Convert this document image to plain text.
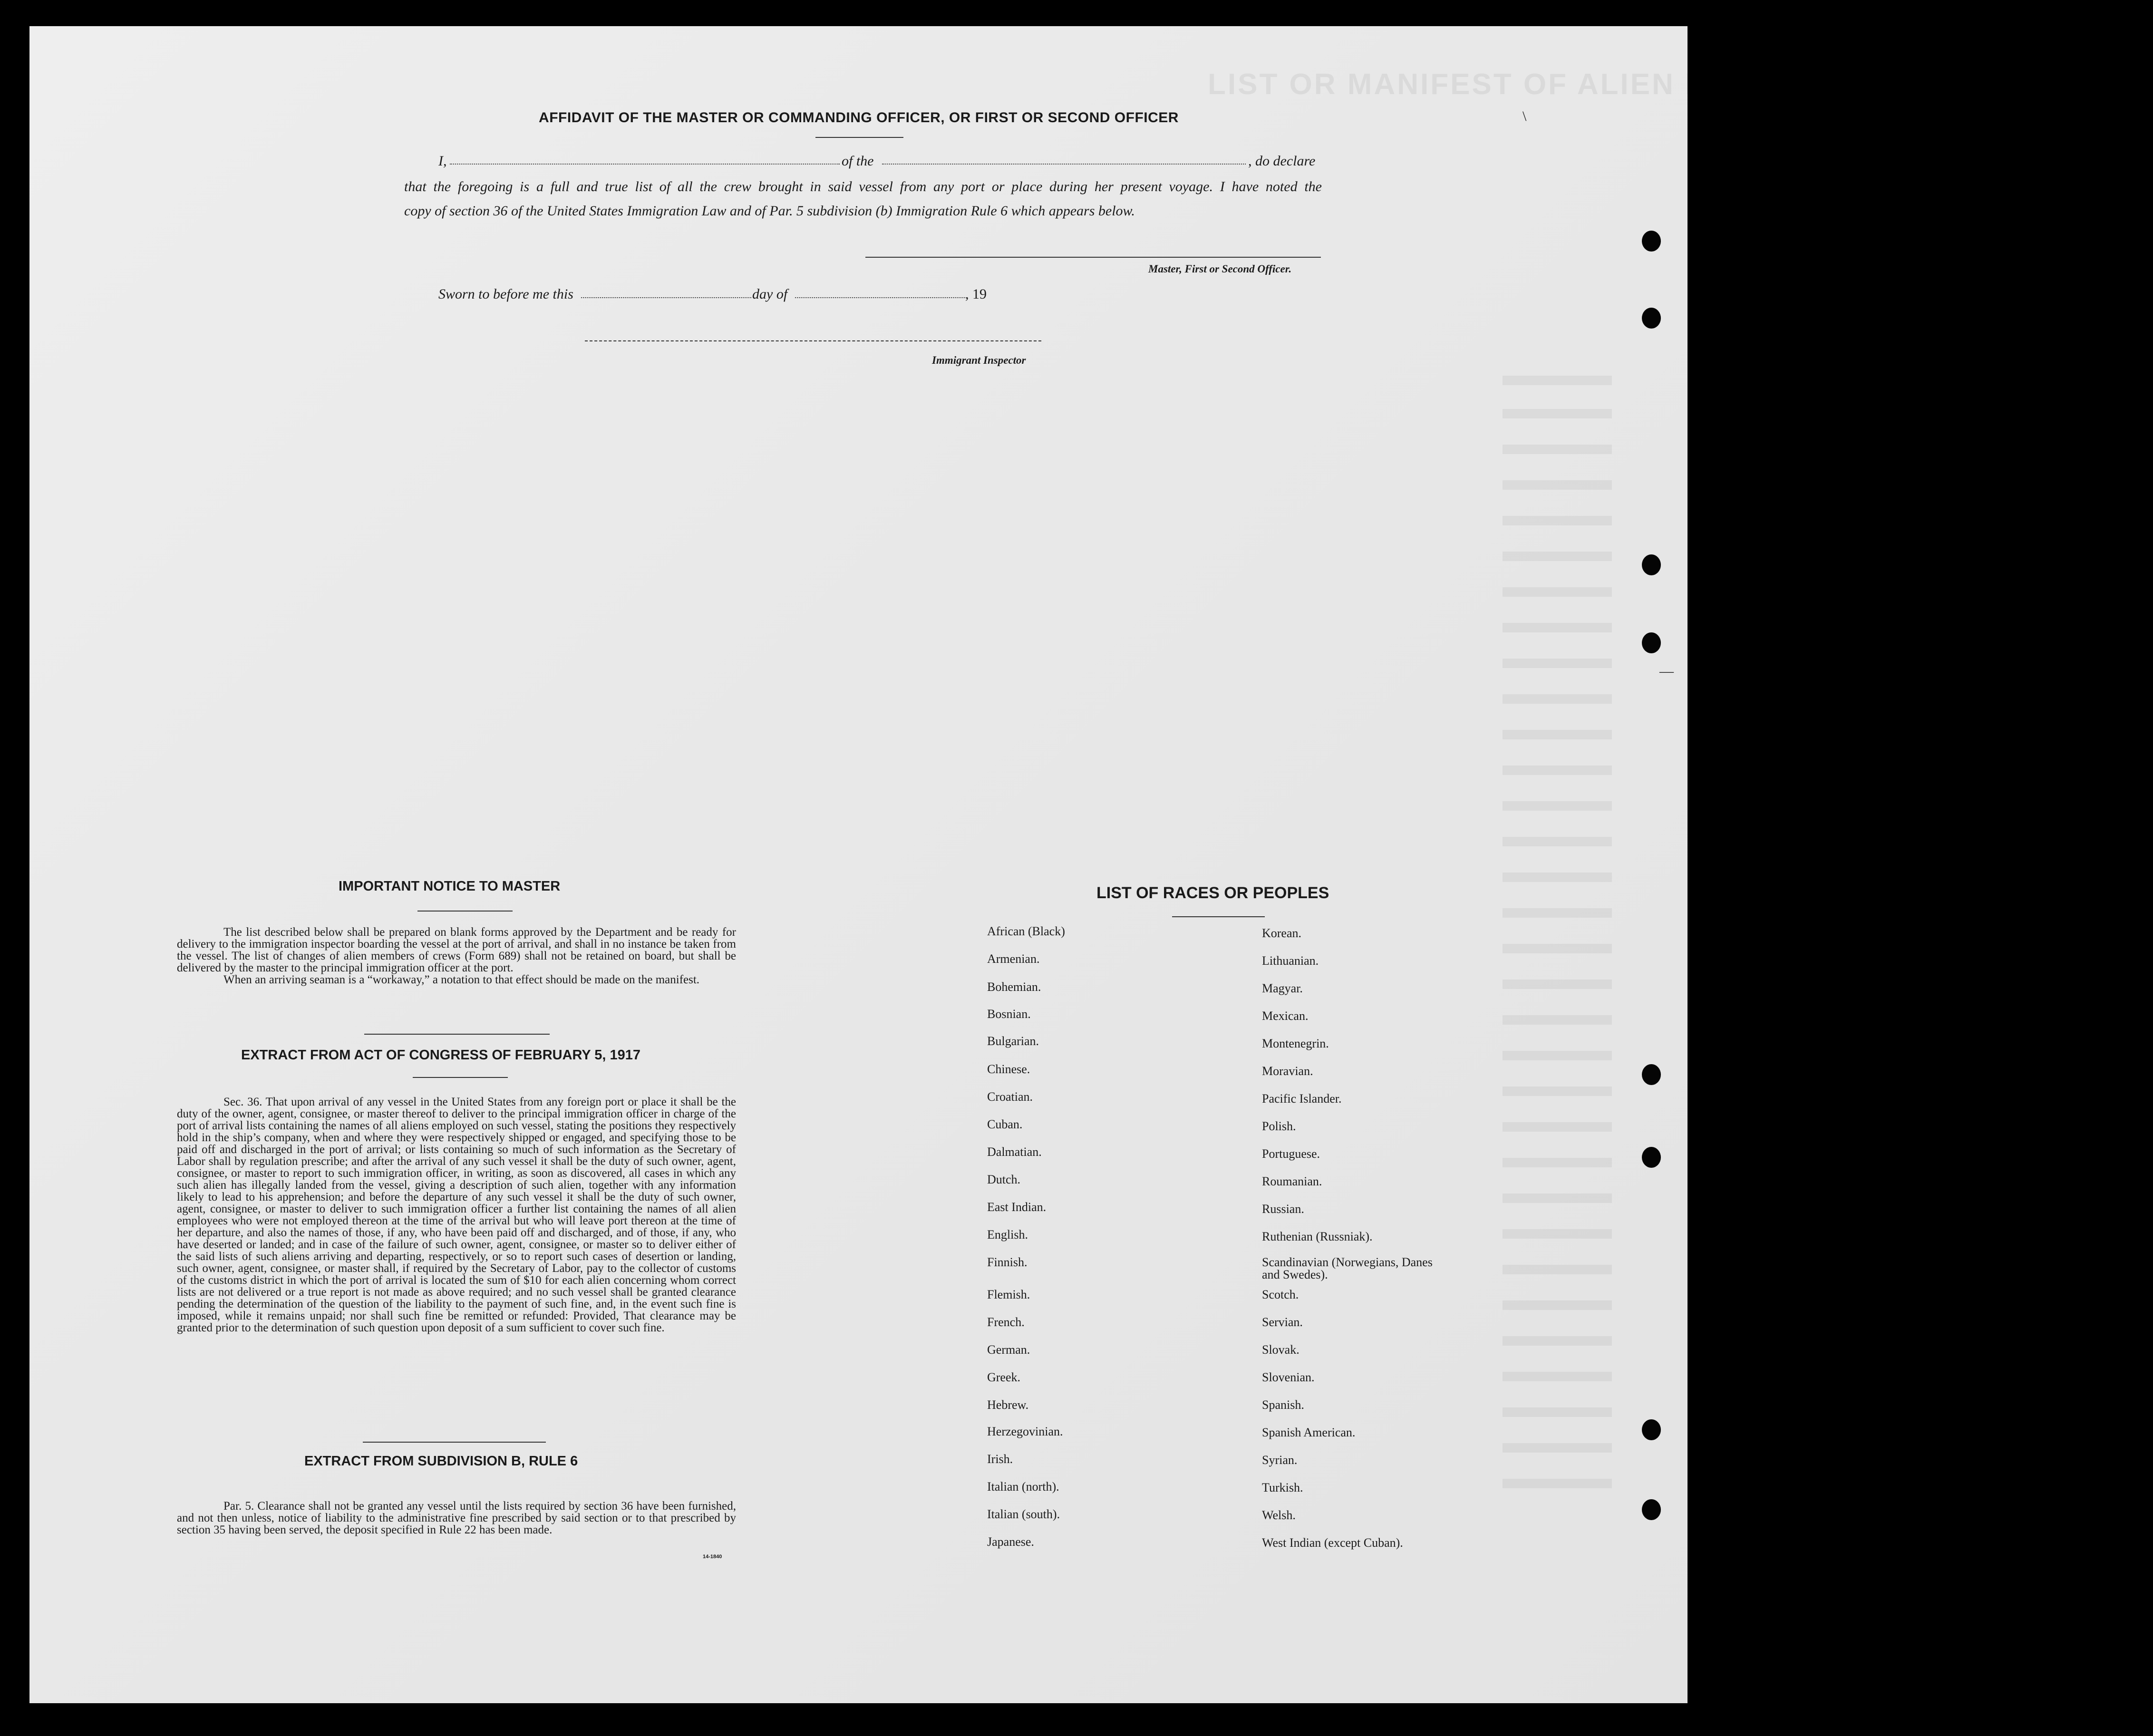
LIST OR MANIFEST OF ALIEN EMPLOYEES OF THE VESSEL
AFFIDAVIT OF THE MASTER OR COMMANDING OFFICER, OR FIRST OR SECOND OFFICER
I,	of the	, do declare
that the foregoing is a full and true list of all the crew brought in said vessel from any port or place during her present voyage. I have noted the
copy of section 36 of the United States Immigration Law and of Par. 5 subdivision (b) Immigration Rule 6 which appears below.
Master, First or Second Officer.
Sworn to before me this	day of	, 19
Immigrant Inspector
IMPORTANT NOTICE TO MASTER

The list described below shall be prepared on blank forms approved by the Department and be ready for delivery to the immigration inspector boarding the vessel at the port of arrival, and shall in no instance be taken from the vessel. The list of changes of alien members of crews (Form 689) shall not be retained on board, but shall be delivered by the master to the principal immigration officer at the port.

When an arriving seaman is a “workaway,” a notation to that effect should be made on the manifest.

EXTRACT FROM ACT OF CONGRESS OF FEBRUARY 5, 1917

Sec. 36. That upon arrival of any vessel in the United States from any foreign port or place it shall be the duty of the owner, agent, consignee, or master thereof to deliver to the principal immigration officer in charge of the port of arrival lists containing the names of all aliens employed on such vessel, stating the positions they respectively hold in the ship’s company, when and where they were respectively shipped or engaged, and specifying those to be paid off and discharged in the port of arrival; or lists containing so much of such information as the Secretary of Labor shall by regulation prescribe; and after the arrival of any such vessel it shall be the duty of such owner, agent, consignee, or master to report to such immigration officer, in writing, as soon as discovered, all cases in which any such alien has illegally landed from the vessel, giving a description of such alien, together with any information likely to lead to his apprehension; and before the departure of any such vessel it shall be the duty of such owner, agent, consignee, or master to deliver to such immigration officer a further list containing the names of all alien employees who were not employed thereon at the time of the arrival but who will leave port thereon at the time of her departure, and also the names of those, if any, who have been paid off and discharged, and of those, if any, who have deserted or landed; and in case of the failure of such owner, agent, consignee, or master so to deliver either of the said lists of such aliens arriving and departing, respectively, or so to report such cases of desertion or landing, such owner, agent, consignee, or master shall, if required by the Secretary of Labor, pay to the collector of customs of the customs district in which the port of arrival is located the sum of $10 for each alien concerning whom correct lists are not delivered or a true report is not made as above required; and no such vessel shall be granted clearance pending the determination of the question of the liability to the payment of such fine, and, in the event such fine is imposed, while it remains unpaid; nor shall such fine be remitted or refunded: Provided, That clearance may be granted prior to the determination of such question upon deposit of a sum sufficient to cover such fine.

EXTRACT FROM SUBDIVISION B, RULE 6

Par. 5. Clearance shall not be granted any vessel until the lists required by section 36 have been furnished, and not then unless, notice of liability to the administrative fine prescribed by said section or to that prescribed by section 35 having been served, the deposit specified in Rule 22 has been made.

14-1840
LIST OF RACES OR PEOPLES
African (Black)
Armenian.
Bohemian.
Bosnian.
Bulgarian.
Chinese.
Croatian.
Cuban.
Dalmatian.
Dutch.
East Indian.
English.
Finnish.
Flemish.
French.
German.
Greek.
Hebrew.
Herzegovinian.
Irish.
Italian (north).
Italian (south).
Japanese.
Korean.
Lithuanian.
Magyar.
Mexican.
Montenegrin.
Moravian.
Pacific Islander.
Polish.
Portuguese.
Roumanian.
Russian.
Ruthenian (Russniak).
Scandinavian (Norwegians, Danes and Swedes).
Scotch.
Servian.
Slovak.
Slovenian.
Spanish.
Spanish American.
Syrian.
Turkish.
Welsh.
West Indian (except Cuban).
\
—
